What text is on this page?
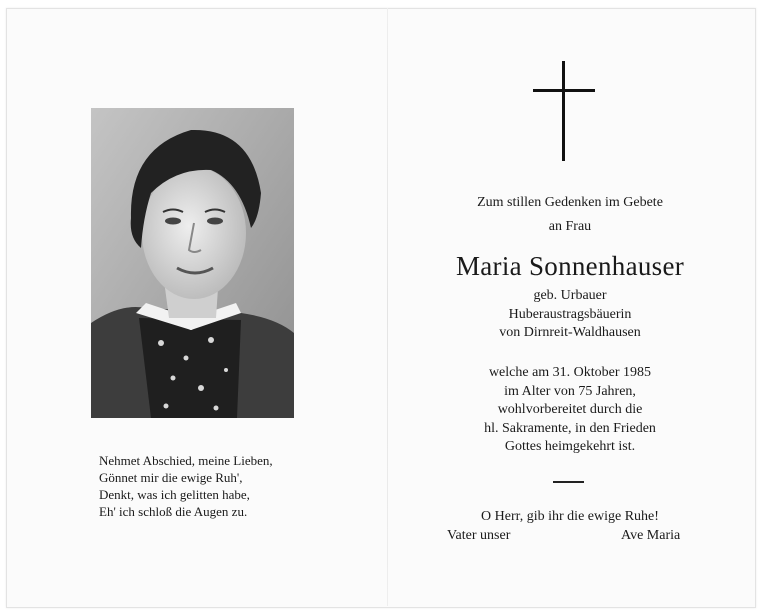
Nehmet Abschied, meine Lieben,
Gönnet mir die ewige Ruh',
Denkt, was ich gelitten habe,
Eh' ich schloß die Augen zu.
Zum stillen Gedenken im Gebete
an Frau
Maria Sonnenhauser
geb. Urbauer
Huberaustragsbäuerin
von Dirnreit-Waldhausen
welche am 31. Oktober 1985
im Alter von 75 Jahren,
wohlvorbereitet durch die
hl. Sakramente, in den Frieden
Gottes heimgekehrt ist.
O Herr, gib ihr die ewige Ruhe!
Vater unser	Ave Maria
